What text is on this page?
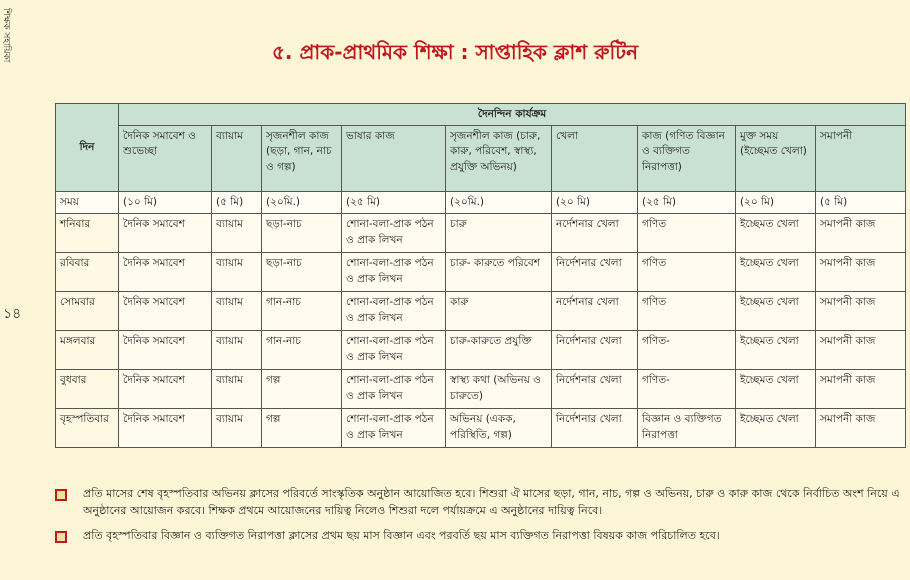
শিক্ষক সহায়িকা
১৪
৫. প্রাক-প্রাথমিক শিক্ষা : সাপ্তাহিক ক্লাশ রুটিন
দিন	দৈনন্দিন কার্যক্রম								
	দৈনিক সমাবেশ ও শুভেচ্ছা	ব্যায়াম	সৃজনশীল কাজ (ছড়া, গান, নাচ ও গল্প)	ভাষার কাজ	সৃজনশীল কাজ (চারু, কারু, পরিবেশ, স্বাস্থ্য, প্রযুক্তি অভিনয়)	খেলা	কাজ (গণিত বিজ্ঞান ও ব্যক্তিগত নিরাপত্তা)	মুক্ত সময় (ইচ্ছেমত খেলা)	সমাপনী
সময়	(১০ মি)	(৫ মি)	(২০মি.)	(২৫ মি)	(২০মি.)	(২০ মি)	(২৫ মি)	(২০ মি)	(৫ মি)
শনিবার	দৈনিক সমাবেশ	ব্যায়াম	ছড়া-নাচ	শোনা-বলা-প্রাক পঠন ও প্রাক লিখন	চারু	নর্দেশনার খেলা	গণিত	ইচ্ছেমত খেলা	সমাপনী কাজ
রবিবার	দৈনিক সমাবেশ	ব্যায়াম	ছড়া-নাচ	শোনা-বলা-প্রাক পঠন ও প্রাক লিখন	চারু- কারুতে পরিবেশ	নির্দেশনার খেলা	গণিত	ইচ্ছেমত খেলা	সমাপনী কাজ
সোমবার	দৈনিক সমাবেশ	ব্যায়াম	গান-নাচ	শোনা-বলা-প্রাক পঠন ও প্রাক লিখন	কারু	নর্দেশনার খেলা	গণিত	ইচ্ছেমত খেলা	সমাপনী কাজ
মঙ্গলবার	দৈনিক সমাবেশ	ব্যায়াম	গান-নাচ	শোনা-বলা-প্রাক পঠন ও প্রাক লিখন	চারু-কারুতে প্রযুক্তি	নির্দেশনার খেলা	গণিত-	ইচ্ছেমত খেলা	সমাপনী কাজ
বুধবার	দৈনিক সমাবেশ	ব্যায়াম	গল্প	শোনা-বলা-প্রাক পঠন ও প্রাক লিখন	স্বাস্থ্য কথা (অভিনয় ও চারুতে)	নির্দেশনার খেলা	গণিত-	ইচ্ছেমত খেলা	সমাপনী কাজ
বৃহস্পতিবার	দৈনিক সমাবেশ	ব্যায়াম	গল্প	শোনা-বলা-প্রাক পঠন ও প্রাক লিখন	অভিনয় (একক, পরিস্থিতি, গল্প)	নির্দেশনার খেলা	বিজ্ঞান ও ব্যক্তিগত নিরাপত্তা	ইচ্ছেমত খেলা	সমাপনী কাজ
প্রতি মাসের শেষ বৃহস্পতিবার অভিনয় ক্লাসের পরিবর্তে সাংস্কৃতিক অনুষ্ঠান আয়োজিত হবে। শিশুরা ঐ মাসের ছড়া, গান, নাচ, গল্প ও অভিনয়, চারু ও কারু কাজ থেকে নির্বাচিত অংশ নিয়ে এ অনুষ্ঠানের আয়োজন করবে। শিক্ষক প্রথমে আয়োজনের দায়িত্ব নিলেও শিশুরা দলে পর্যায়ক্রমে এ অনুষ্ঠানের দায়িত্ব নিবে।
প্রতি বৃহস্পতিবার বিজ্ঞান ও ব্যক্তিগত নিরাপত্তা ক্লাসের প্রথম ছয় মাস বিজ্ঞান এবং পরবর্তি ছয় মাস ব্যক্তিগত নিরাপত্তা বিষয়ক কাজ পরিচালিত হবে।
